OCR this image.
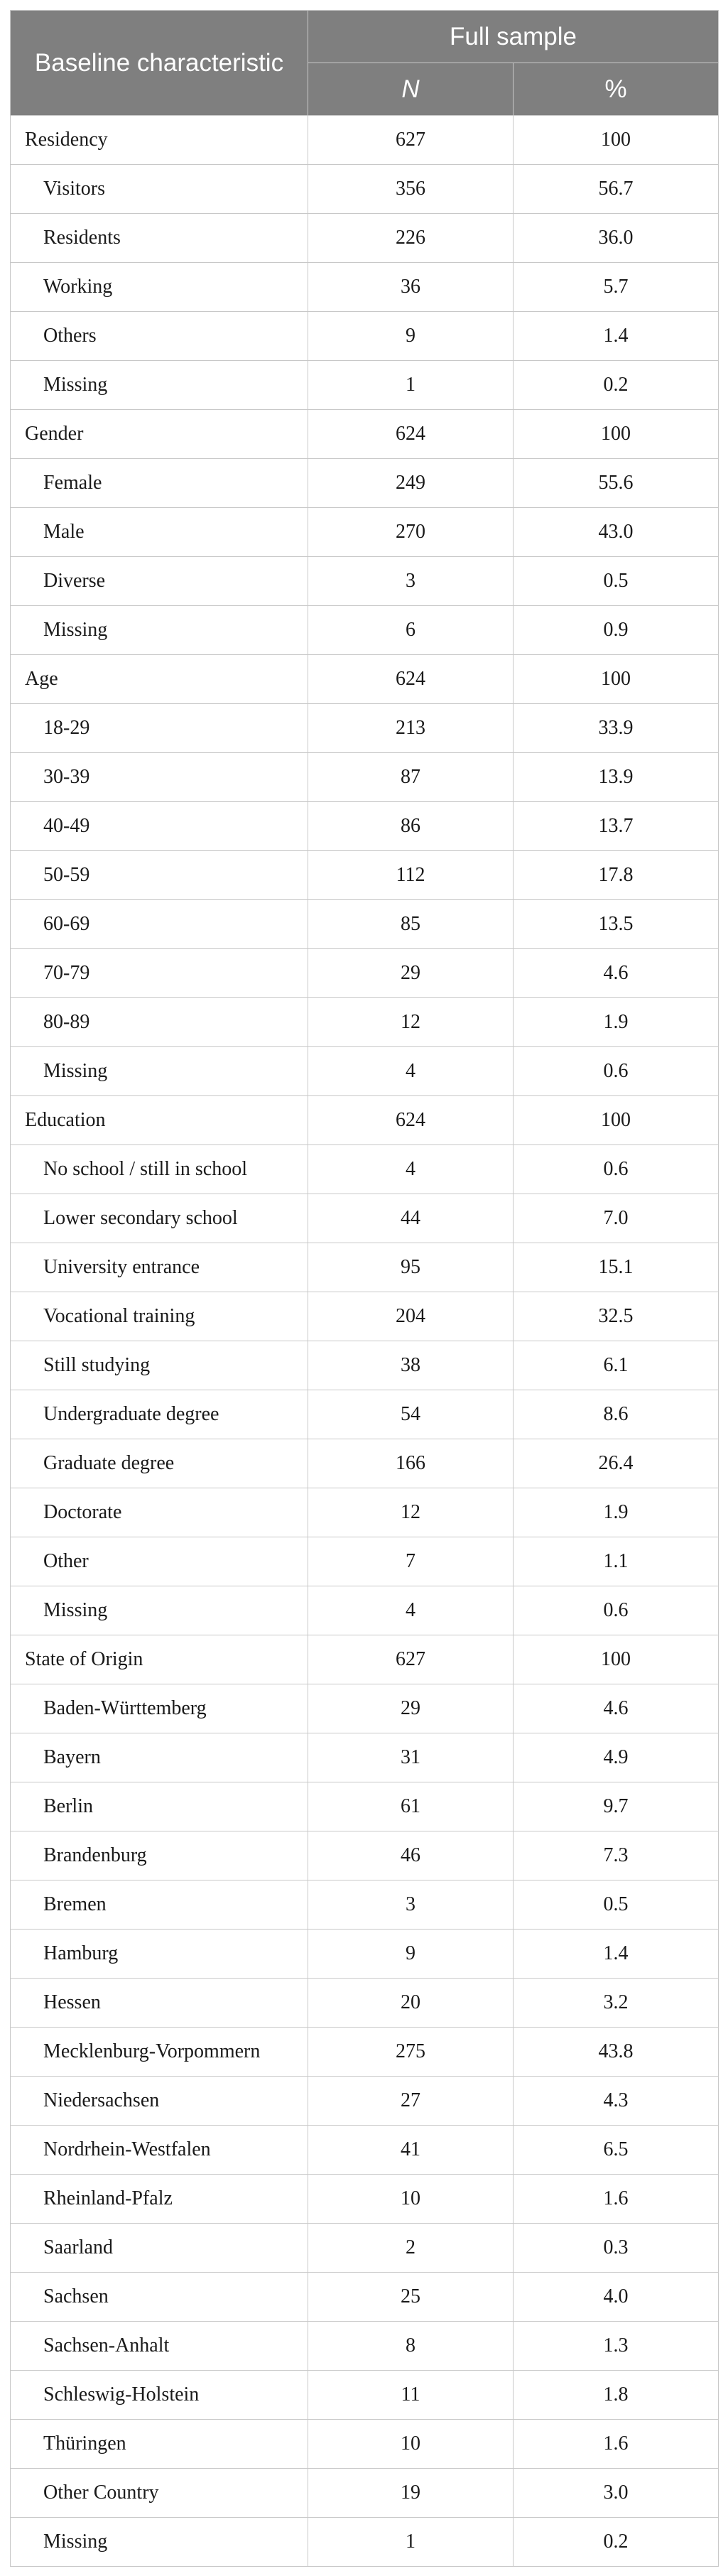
Baseline characteristic	Full sample	
	N	%
Residency	627	100
Visitors	356	56.7
Residents	226	36.0
Working	36	5.7
Others	9	1.4
Missing	1	0.2
Gender	624	100
Female	249	55.6
Male	270	43.0
Diverse	3	0.5
Missing	6	0.9
Age	624	100
18-29	213	33.9
30-39	87	13.9
40-49	86	13.7
50-59	112	17.8
60-69	85	13.5
70-79	29	4.6
80-89	12	1.9
Missing	4	0.6
Education	624	100
No school / still in school	4	0.6
Lower secondary school	44	7.0
University entrance	95	15.1
Vocational training	204	32.5
Still studying	38	6.1
Undergraduate degree	54	8.6
Graduate degree	166	26.4
Doctorate	12	1.9
Other	7	1.1
Missing	4	0.6
State of Origin	627	100
Baden-Württemberg	29	4.6
Bayern	31	4.9
Berlin	61	9.7
Brandenburg	46	7.3
Bremen	3	0.5
Hamburg	9	1.4
Hessen	20	3.2
Mecklenburg-Vorpommern	275	43.8
Niedersachsen	27	4.3
Nordrhein-Westfalen	41	6.5
Rheinland-Pfalz	10	1.6
Saarland	2	0.3
Sachsen	25	4.0
Sachsen-Anhalt	8	1.3
Schleswig-Holstein	11	1.8
Thüringen	10	1.6
Other Country	19	3.0
Missing	1	0.2
